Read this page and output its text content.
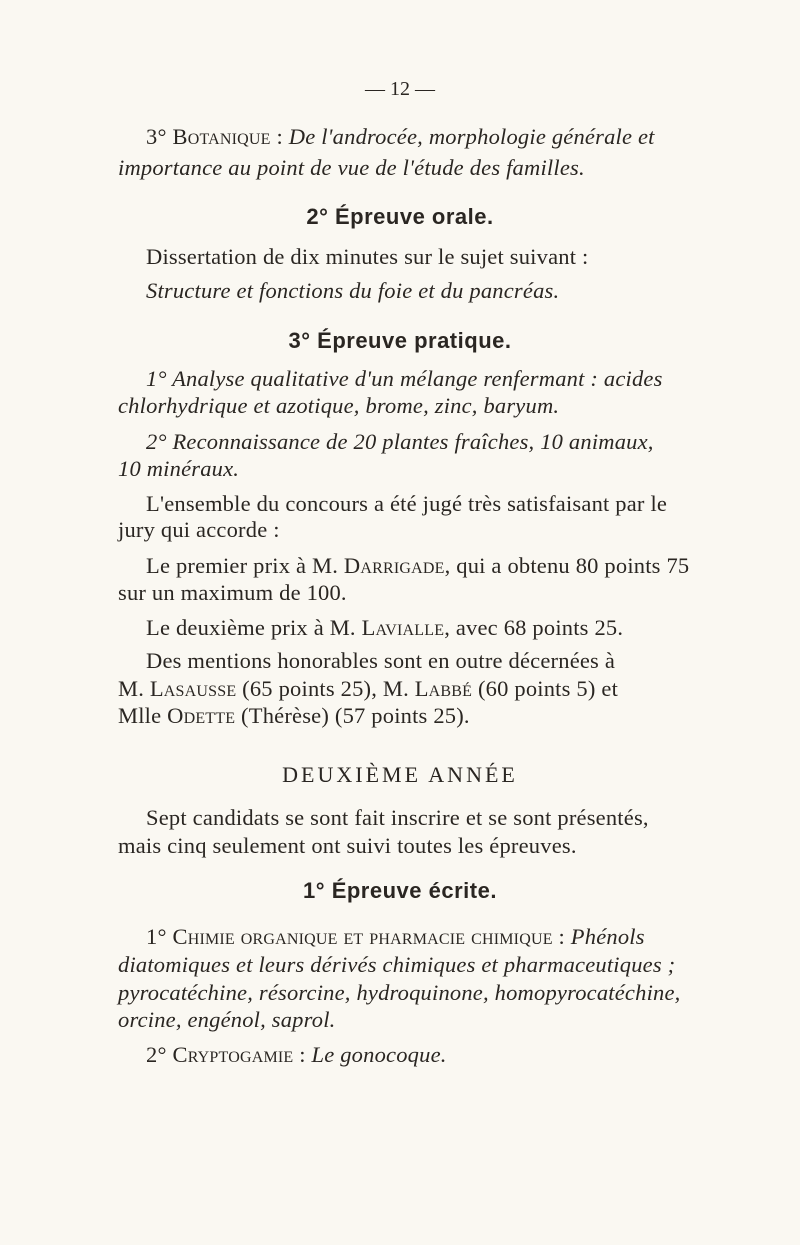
— 12 —
3° Botanique : De l'androcée, morphologie générale et
importance au point de vue de l'étude des familles.
2° Épreuve orale.
Dissertation de dix minutes sur le sujet suivant :
Structure et fonctions du foie et du pancréas.
3° Épreuve pratique.
1° Analyse qualitative d'un mélange renfermant : acides
chlorhydrique et azotique, brome, zinc, baryum.
2° Reconnaissance de 20 plantes fraîches, 10 animaux,
10 minéraux.
L'ensemble du concours a été jugé très satisfaisant par le
jury qui accorde :
Le premier prix à M. Darrigade, qui a obtenu 80 points 75
sur un maximum de 100.
Le deuxième prix à M. Lavialle, avec 68 points 25.
Des mentions honorables sont en outre décernées à
M. Lasausse (65 points 25), M. Labbé (60 points 5) et
Mlle Odette (Thérèse) (57 points 25).
DEUXIÈME ANNÉE
Sept candidats se sont fait inscrire et se sont présentés,
mais cinq seulement ont suivi toutes les épreuves.
1° Épreuve écrite.
1° Chimie organique et pharmacie chimique : Phénols
diatomiques et leurs dérivés chimiques et pharmaceutiques ;
pyrocatéchine, résorcine, hydroquinone, homopyrocatéchine,
orcine, engénol, saprol.
2° Cryptogamie : Le gonocoque.
